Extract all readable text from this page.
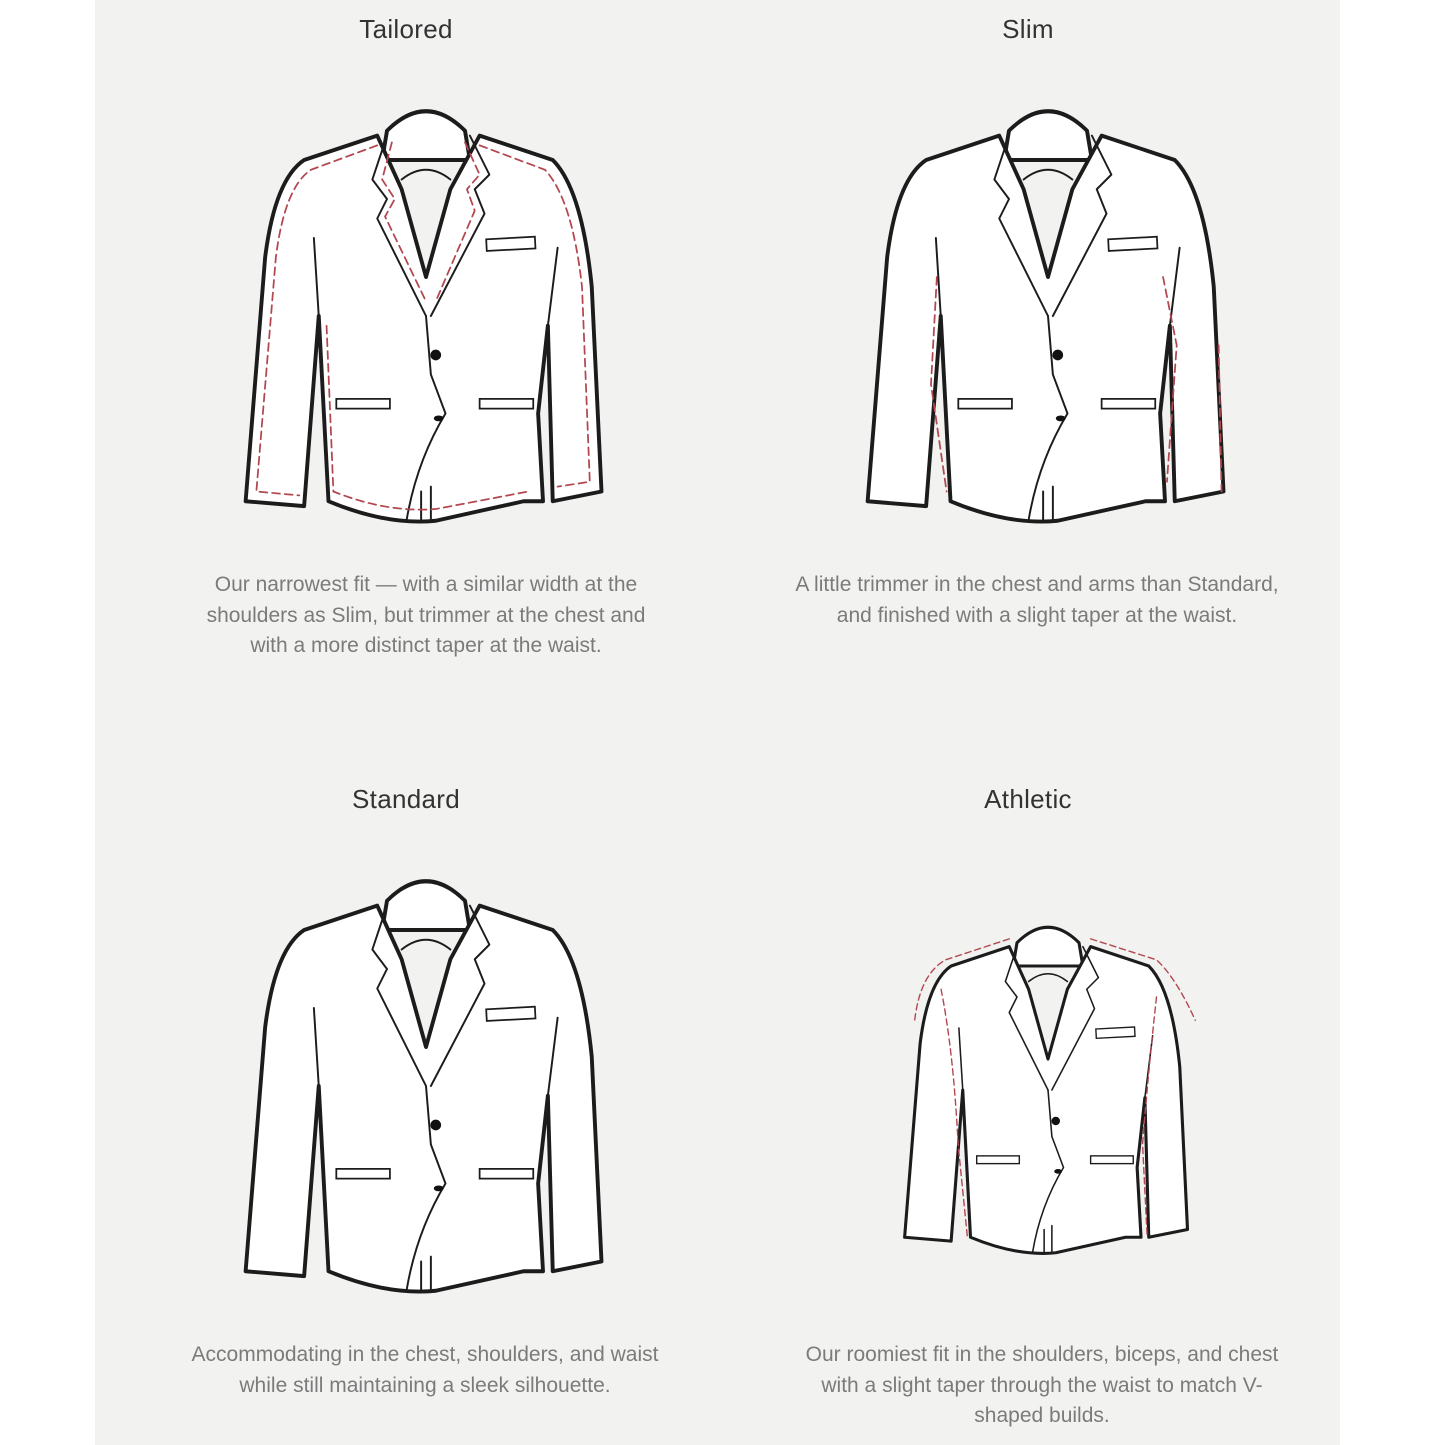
Tailored

Our narrowest fit — with a similar width at the shoulders as Slim, but trimmer at the chest and with a more distinct taper at the waist.

Slim

A little trimmer in the chest and arms than Standard, and finished with a slight taper at the waist.

Standard

Accommodating in the chest, shoulders, and waist while still maintaining a sleek silhouette.

Athletic

Our roomiest fit in the shoulders, biceps, and chest with a slight taper through the waist to match V-shaped builds.
